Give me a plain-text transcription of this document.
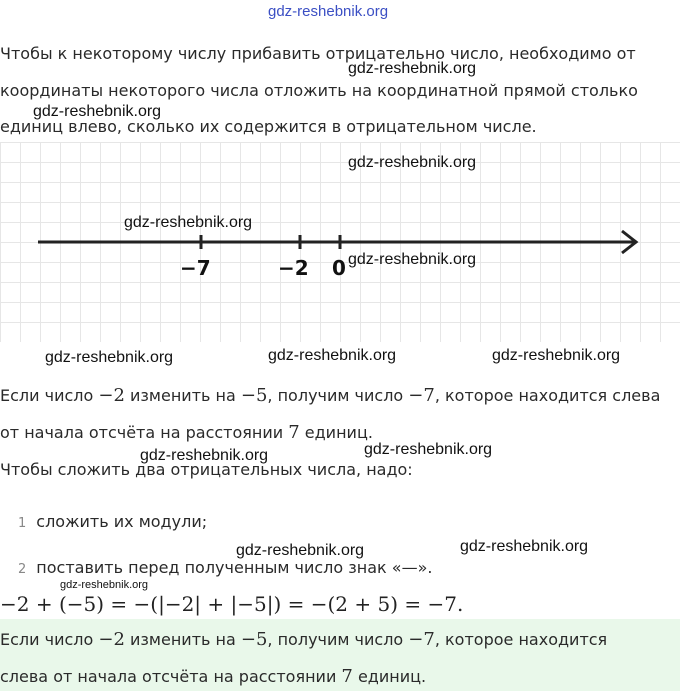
gdz-reshebnik.org
Чтобы к некоторому числу прибавить отрицательно число, необходимо от
координаты некоторого числа отложить на координатной прямой столько
единиц влево, сколько их содержится в отрицательном числе.
gdz-reshebnik.org
gdz-reshebnik.org
−7	−2 0
gdz-reshebnik.org
gdz-reshebnik.org
gdz-reshebnik.org
gdz-reshebnik.org	gdz-reshebnik.org	gdz-reshebnik.org
Если число −2 изменить на −5, получим число −7, которое находится слева
от начала отсчёта на расстоянии 7 единиц.
Чтобы сложить два отрицательных числа, надо:
gdz-reshebnik.org	gdz-reshebnik.org
1 сложить их модули;
2 поставить перед полученным число знак «—».
gdz-reshebnik.org	gdz-reshebnik.org
gdz-reshebnik.org
−2 + (−5) = −(|−2| + |−5|) = −(2 + 5) = −7.
Если число −2 изменить на −5, получим число −7, которое находится
слева от начала отсчёта на расстоянии 7 единиц.
